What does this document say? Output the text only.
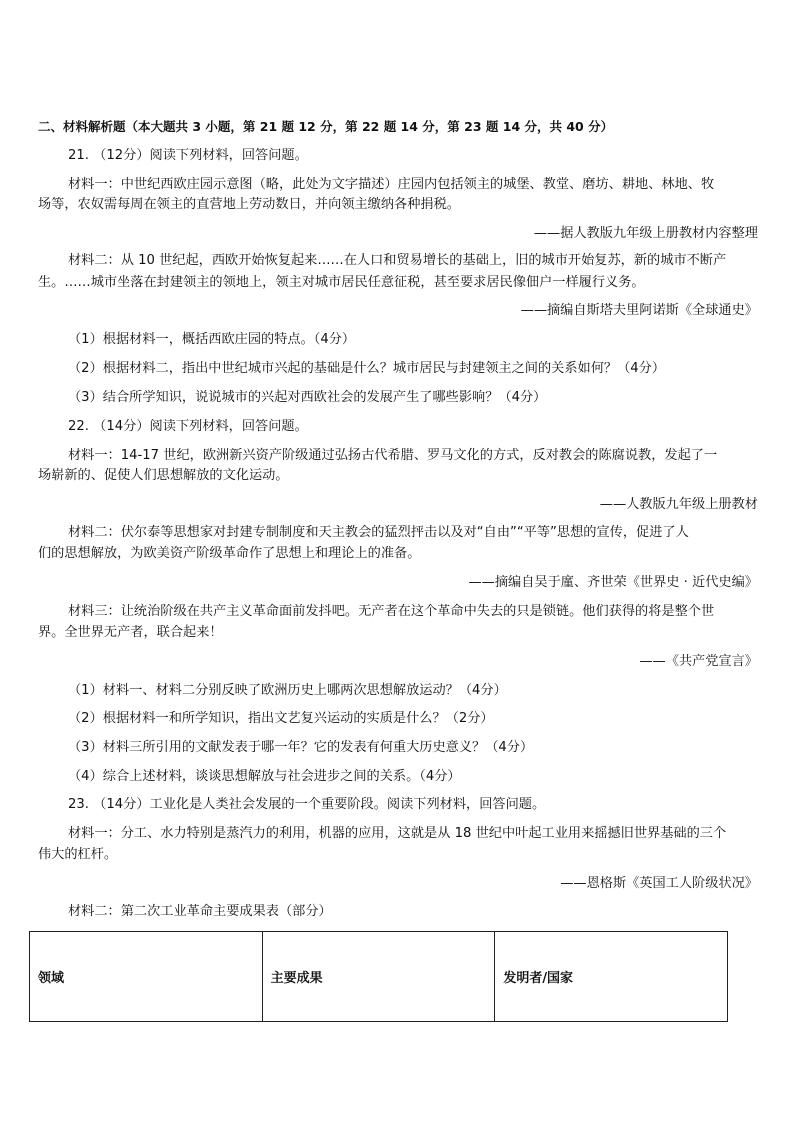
二、材料解析题（本大题共 3 小题，第 21 题 12 分，第 22 题 14 分，第 23 题 14 分，共 40 分）
21. （12分）阅读下列材料，回答问题。
材料一：中世纪西欧庄园示意图（略，此处为文字描述）庄园内包括领主的城堡、教堂、磨坊、耕地、林地、牧
场等，农奴需每周在领主的直营地上劳动数日，并向领主缴纳各种捐税。
——据人教版九年级上册教材内容整理
材料二：从 10 世纪起，西欧开始恢复起来……在人口和贸易增长的基础上，旧的城市开始复苏，新的城市不断产
生。……城市坐落在封建领主的领地上，领主对城市居民任意征税，甚至要求居民像佃户一样履行义务。
——摘编自斯塔夫里阿诺斯《全球通史》
（1）根据材料一，概括西欧庄园的特点。（4分）
（2）根据材料二，指出中世纪城市兴起的基础是什么？城市居民与封建领主之间的关系如何？（4分）
（3）结合所学知识，说说城市的兴起对西欧社会的发展产生了哪些影响？（4分）
22. （14分）阅读下列材料，回答问题。
材料一：14-17 世纪，欧洲新兴资产阶级通过弘扬古代希腊、罗马文化的方式，反对教会的陈腐说教，发起了一
场崭新的、促使人们思想解放的文化运动。
——人教版九年级上册教材
材料二：伏尔泰等思想家对封建专制制度和天主教会的猛烈抨击以及对“自由”“平等”思想的宣传，促进了人
们的思想解放，为欧美资产阶级革命作了思想上和理论上的准备。
——摘编自吴于廑、齐世荣《世界史 · 近代史编》
材料三：让统治阶级在共产主义革命面前发抖吧。无产者在这个革命中失去的只是锁链。他们获得的将是整个世
界。全世界无产者，联合起来！
——《共产党宣言》
（1）材料一、材料二分别反映了欧洲历史上哪两次思想解放运动？（4分）
（2）根据材料一和所学知识，指出文艺复兴运动的实质是什么？（2分）
（3）材料三所引用的文献发表于哪一年？它的发表有何重大历史意义？（4分）
（4）综合上述材料，谈谈思想解放与社会进步之间的关系。（4分）
23. （14分）工业化是人类社会发展的一个重要阶段。阅读下列材料，回答问题。
材料一：分工、水力特别是蒸汽力的利用，机器的应用，这就是从 18 世纪中叶起工业用来摇撼旧世界基础的三个
伟大的杠杆。
——恩格斯《英国工人阶级状况》
材料二：第二次工业革命主要成果表（部分）
领域	主要成果	发明者/国家
